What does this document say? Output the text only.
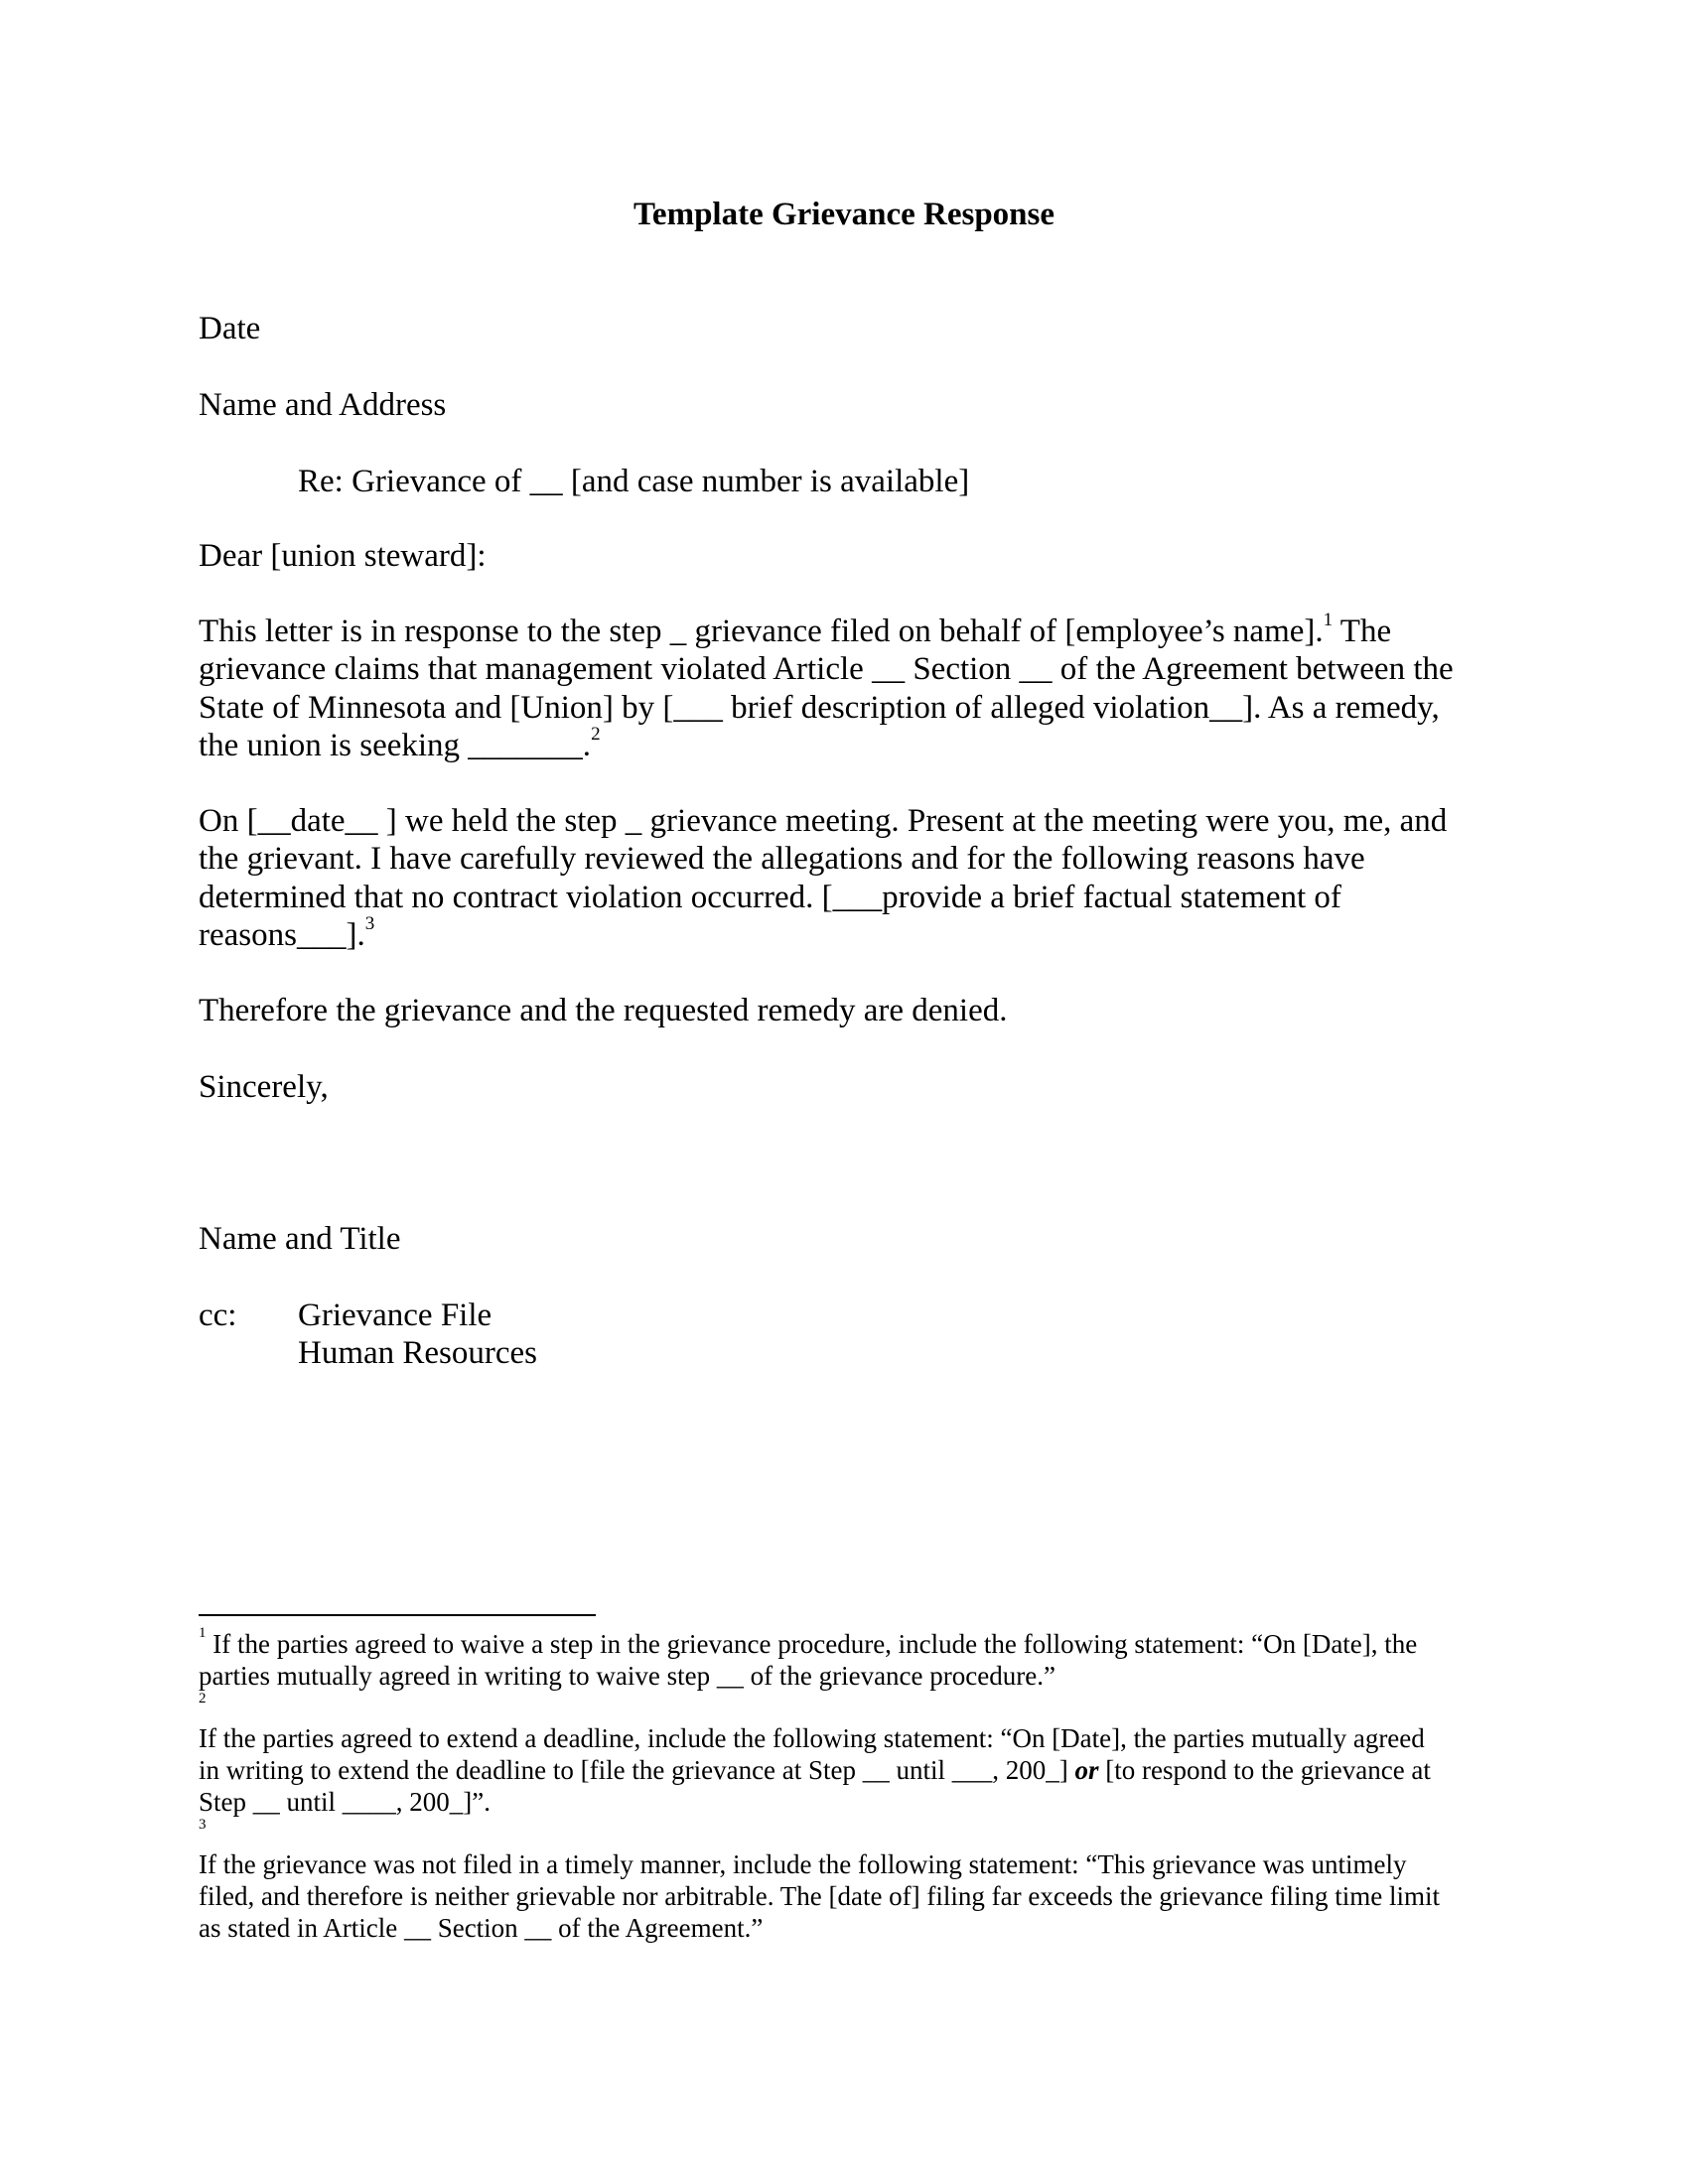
Template Grievance Response
Date
Name and Address
Re: Grievance of __ [and case number is available]
Dear [union steward]:
This letter is in response to the step _ grievance filed on behalf of [employee’s name].$^1$ The
grievance claims that management violated Article __ Section __ of the Agreement between the
State of Minnesota and [Union] by [___ brief description of alleged violation__]. As a remedy,
the union is seeking _______.$^2$
On [__date__ ] we held the step _ grievance meeting. Present at the meeting were you, me, and
the grievant. I have carefully reviewed the allegations and for the following reasons have
determined that no contract violation occurred. [___provide a brief factual statement of
reasons___].$^3$
Therefore the grievance and the requested remedy are denied.
Sincerely,
Name and Title
cc: Grievance File
Human Resources
$^1$ If the parties agreed to waive a step in the grievance procedure, include the following statement: “On [Date], the
parties mutually agreed in writing to waive step __ of the grievance procedure.”
2
If the parties agreed to extend a deadline, include the following statement: “On [Date], the parties mutually agreed
in writing to extend the deadline to [file the grievance at Step __ until ___, 200_] or [to respond to the grievance at
Step __ until ____, 200_]”.
3
If the grievance was not filed in a timely manner, include the following statement: “This grievance was untimely
filed, and therefore is neither grievable nor arbitrable. The [date of] filing far exceeds the grievance filing time limit
as stated in Article __ Section __ of the Agreement.”
